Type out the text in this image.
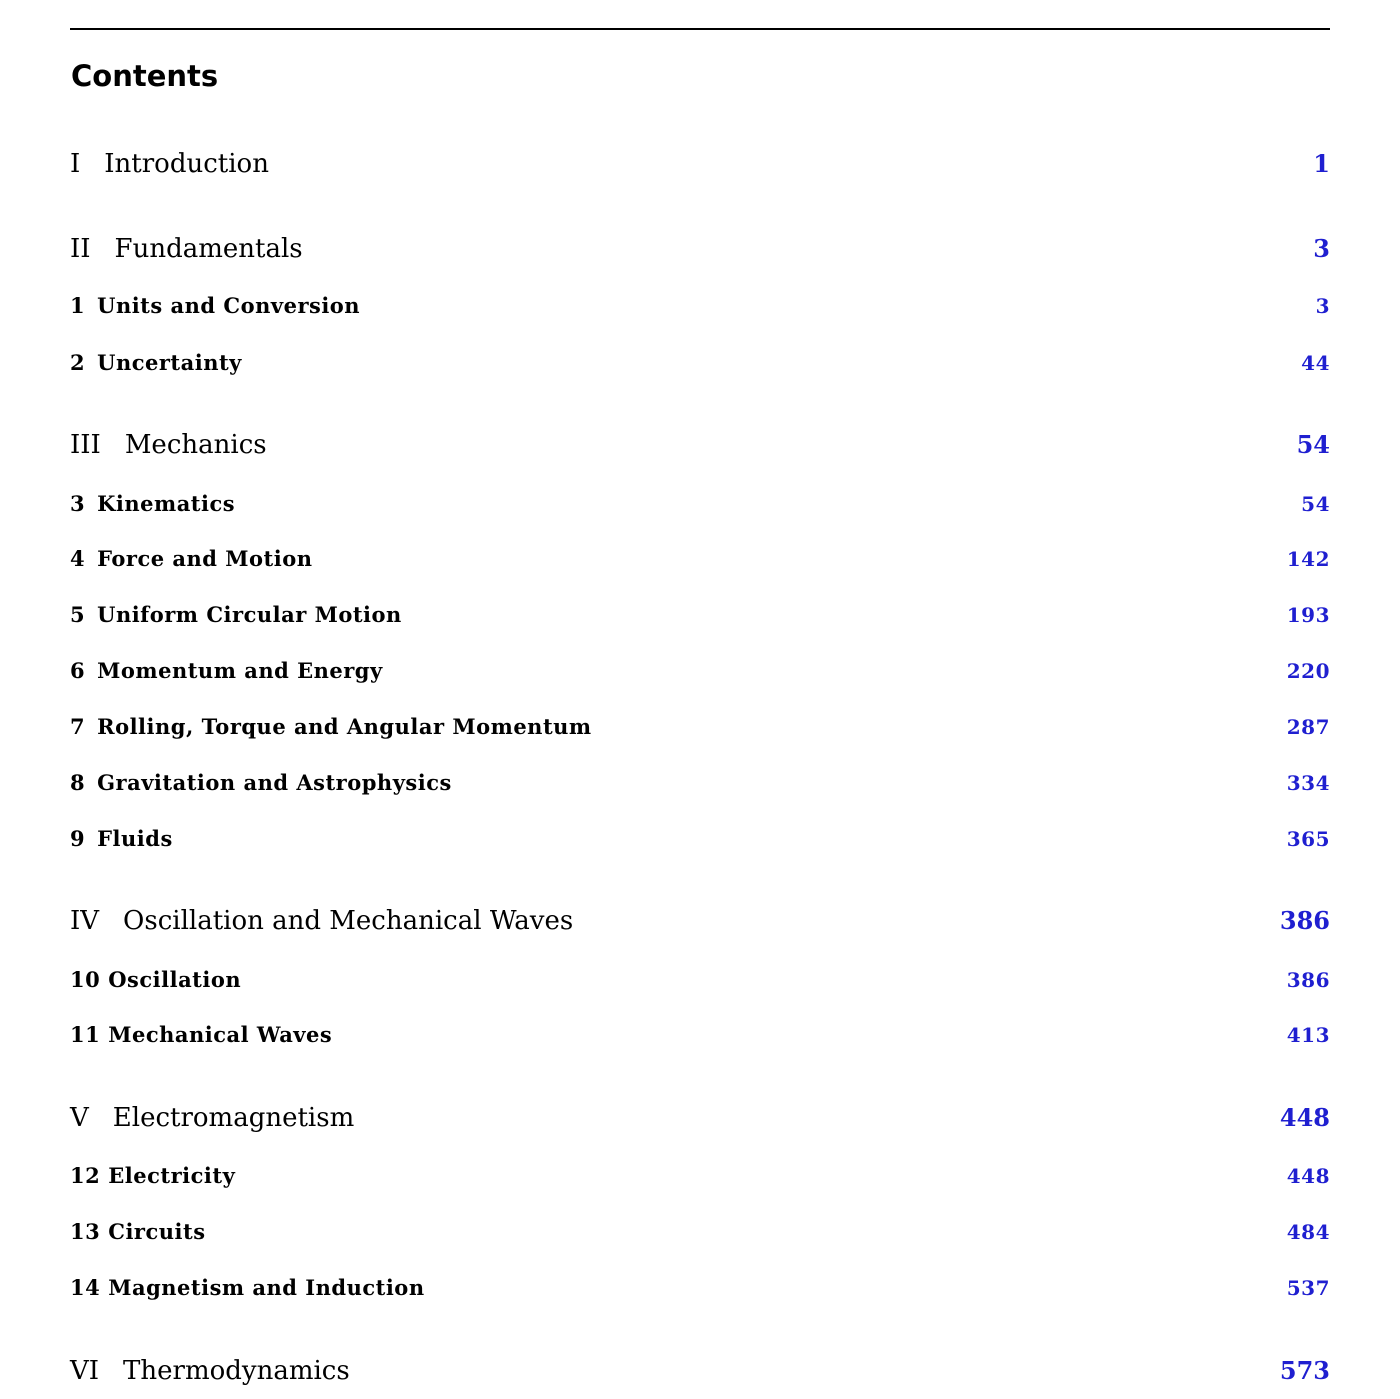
Contents
I Introduction	1
II Fundamentals	3
1 Units and Conversion	3
2 Uncertainty	44
III Mechanics	54
3 Kinematics	54
4 Force and Motion	142
5 Uniform Circular Motion	193
6 Momentum and Energy	220
7 Rolling, Torque and Angular Momentum	287
8 Gravitation and Astrophysics	334
9 Fluids	365
IV Oscillation and Mechanical Waves	386
10 Oscillation	386
11 Mechanical Waves	413
V Electromagnetism	448
12 Electricity	448
13 Circuits	484
14 Magnetism and Induction	537
VI Thermodynamics	573
